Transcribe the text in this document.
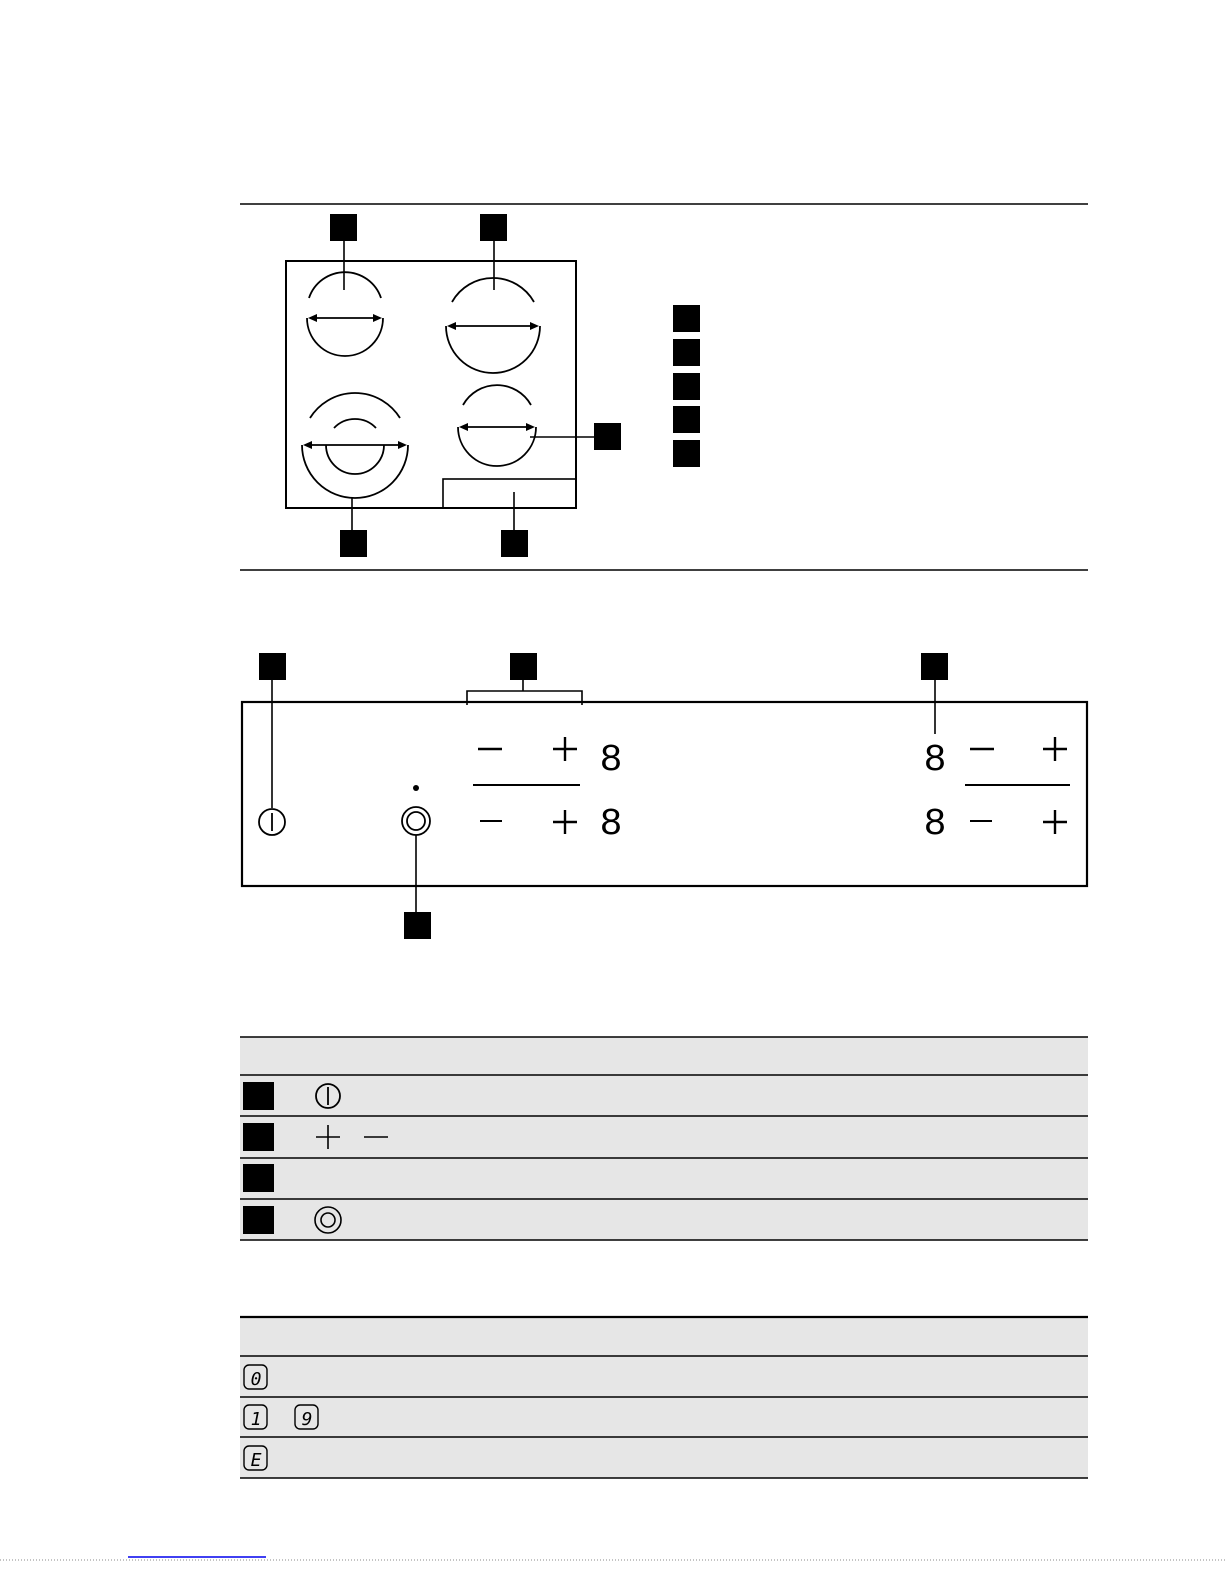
8
8
8
8
0
1 9
E
